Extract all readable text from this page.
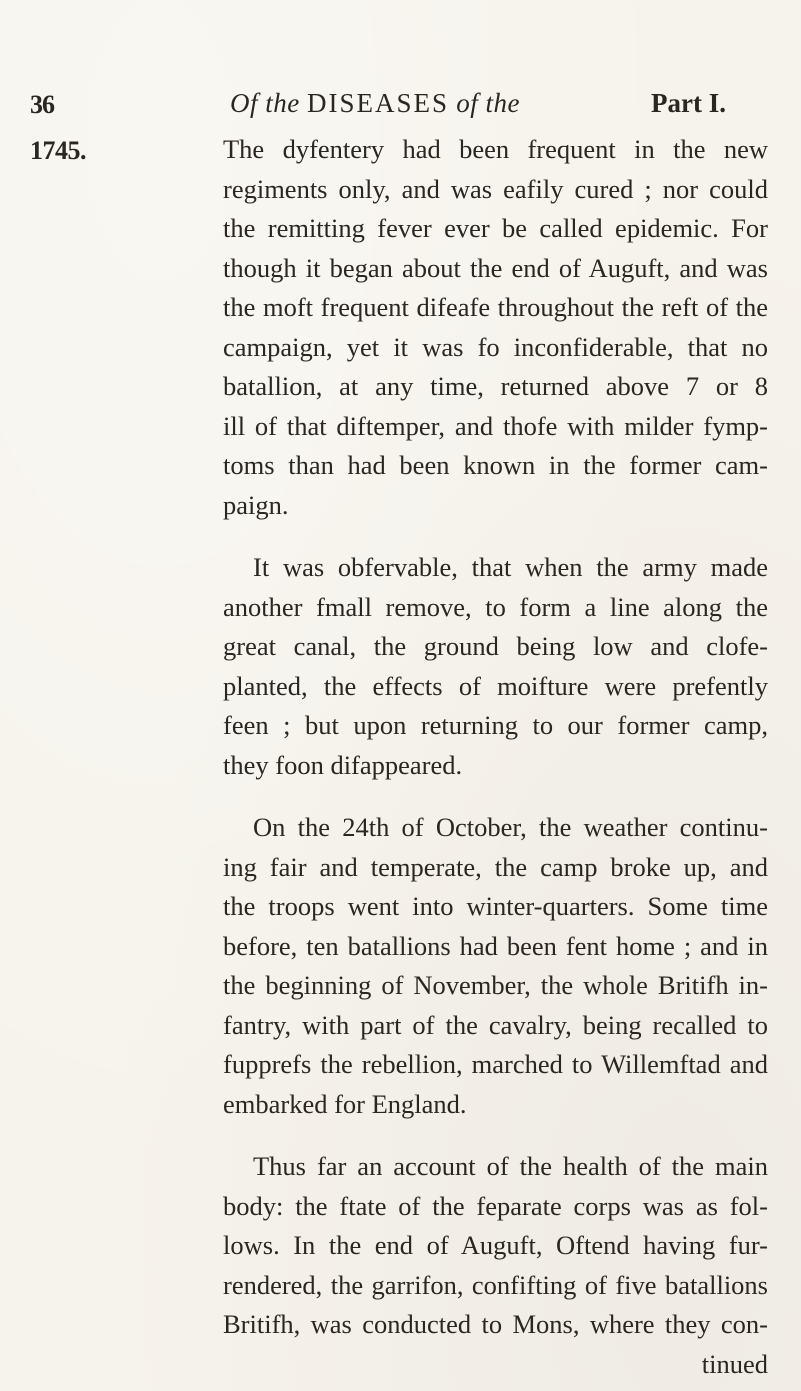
36	Of the DISEASES of the	Part I.
1745.	The dyfentery had been frequent in the new
regiments only, and was eafily cured ; nor could
the remitting fever ever be called epidemic. For
though it began about the end of Auguft, and was
the moft frequent difeafe throughout the reft of the
campaign, yet it was fo inconfiderable, that no
batallion, at any time, returned above 7 or 8
ill of that diftemper, and thofe with milder fymp-
toms than had been known in the former cam-
paign.

It was obfervable, that when the army made
another fmall remove, to form a line along the
great canal, the ground being low and clofe-
planted, the effects of moifture were prefently
feen ; but upon returning to our former camp,
they foon difappeared.

On the 24th of October, the weather continu-
ing fair and temperate, the camp broke up, and
the troops went into winter-quarters. Some time
before, ten batallions had been fent home ; and in
the beginning of November, the whole Britifh in-
fantry, with part of the cavalry, being recalled to
fupprefs the rebellion, marched to Willemftad and
embarked for England.

Thus far an account of the health of the main
body: the ftate of the feparate corps was as fol-
lows. In the end of Auguft, Oftend having fur-
rendered, the garrifon, confifting of five batallions
Britifh, was conducted to Mons, where they con-
tinued
